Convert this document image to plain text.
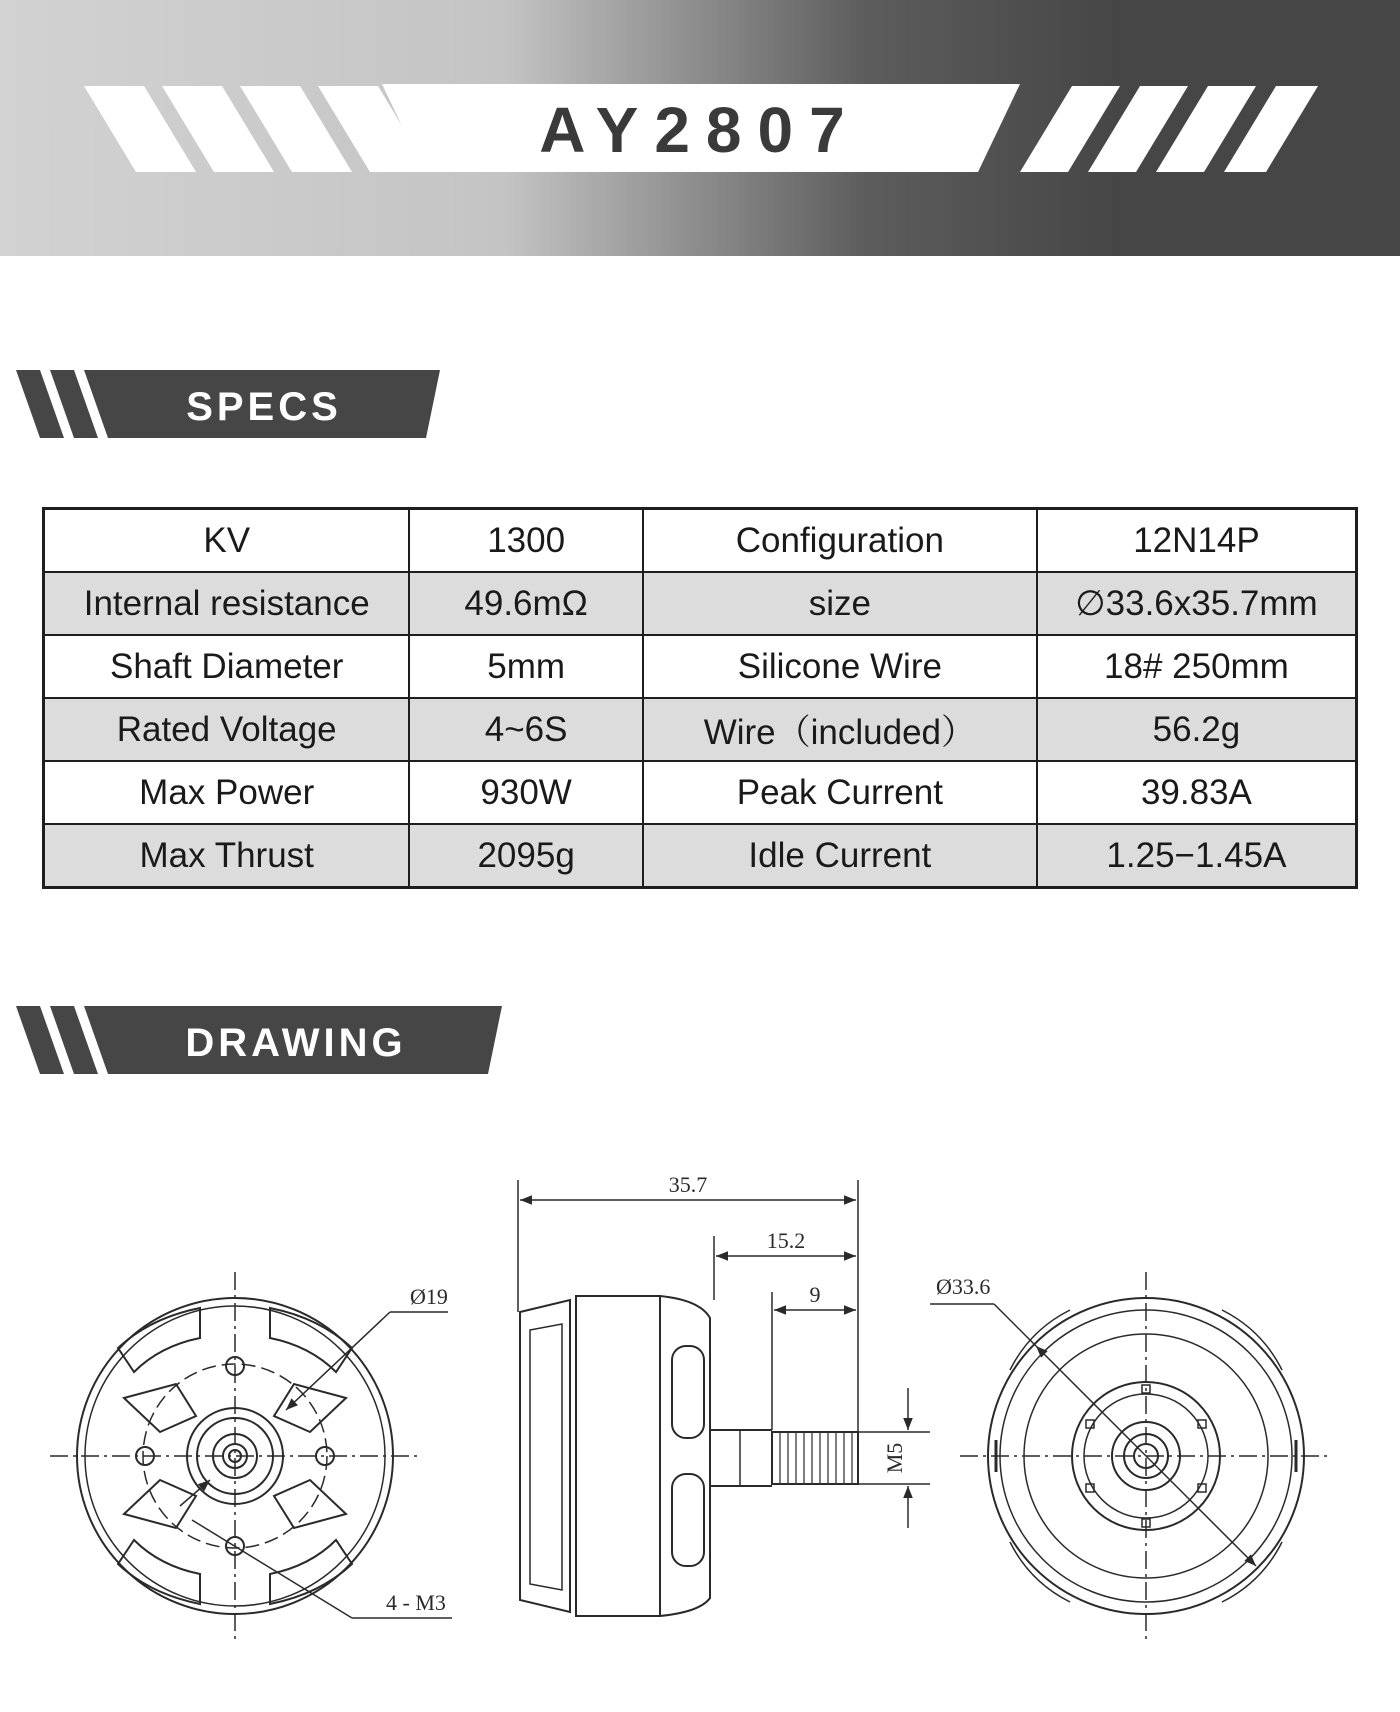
AY2807
SPECS
KV	1300	Configuration	12N14P
Internal resistance	49.6mΩ	size	∅33.6x35.7mm
Shaft Diameter	5mm	Silicone Wire	18# 250mm
Rated Voltage	4~6S	Wire（included）	56.2g
Max Power	930W	Peak Current	39.83A
Max Thrust	2095g	Idle Current	1.25−1.45A
DRAWING
Ø19
4 - M3
35.7
15.2
9
M5
Ø33.6
